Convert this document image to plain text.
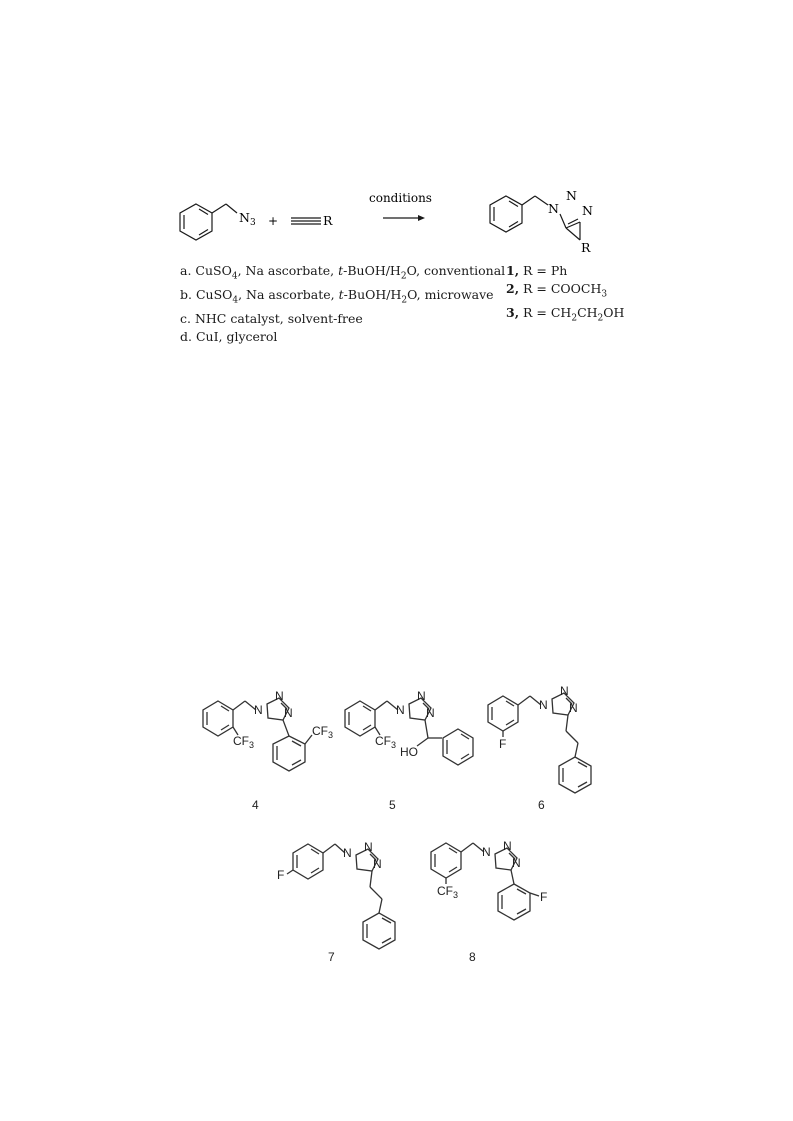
$N_3$ +	R
conditions
N
N
N
R
a. CuSO$_4$, Na ascorbate, $t-BuOH/H_2O$, conventional
b. CuSO$_4$, Na ascorbate, $t-BuOH/H_2O$, microwave
c. NHC catalyst, solvent-free
d. CuI, glycerol
1, R = Ph
2, $R = COOCH_3$
3, $R = CH_2CH_2OH$
N
N
N
$CF_3$
$CF_3$
4
N
N
N
$CF_3$ HO
5
N
N
N
F
6
F
N N
N
7
N N
N
$CF_3$	F
8
